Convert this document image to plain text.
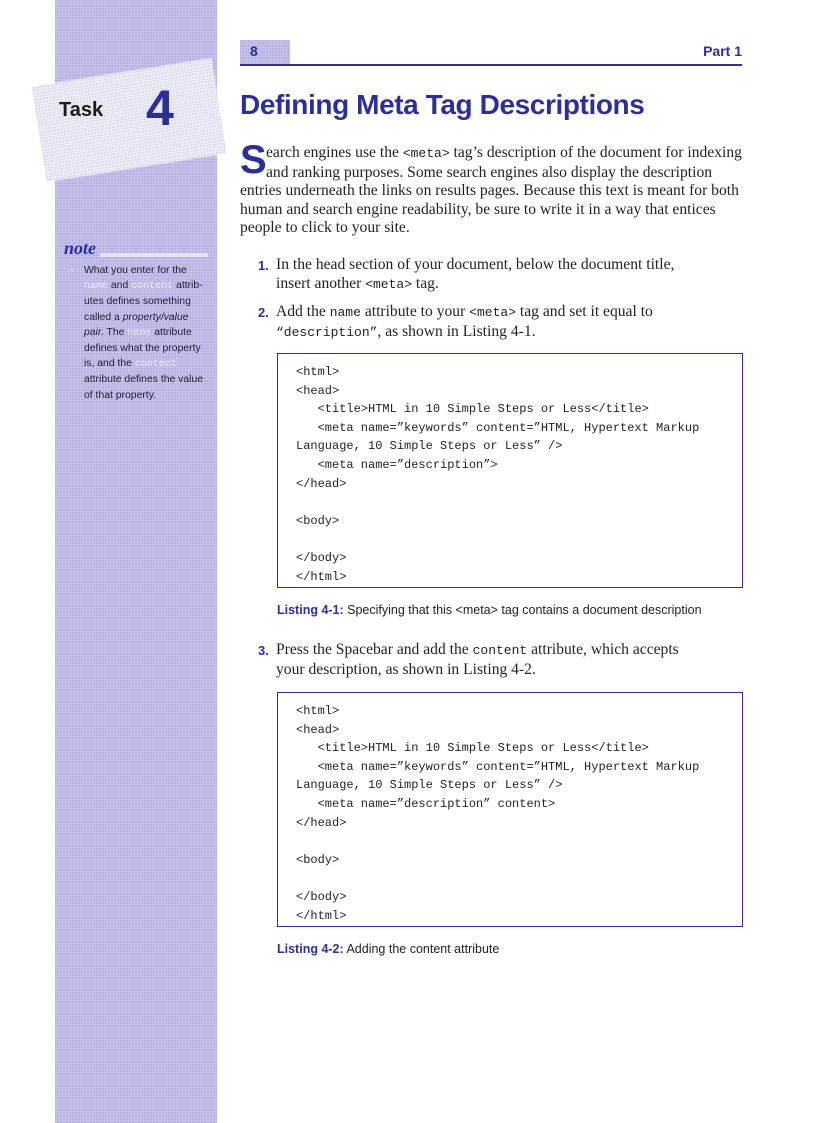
Task 4
note
• What you enter for the
name and content attrib-
utes defines something
called a property/value
pair. The name attribute
defines what the property
is, and the content
attribute defines the value
of that property.
8	Part 1
Defining Meta Tag Descriptions
S earch engines use the <meta> tag’s description of the document for indexing
and ranking purposes. Some search engines also display the description
entries underneath the links on results pages. Because this text is meant for both
human and search engine readability, be sure to write it in a way that entices
people to click to your site.
1. In the head section of your document, below the document title,
insert another <meta> tag.
2. Add the name attribute to your <meta> tag and set it equal to
“description”, as shown in Listing 4-1.
<html>
<head>
<title>HTML in 10 Simple Steps or Less</title>
<meta name=”keywords” content=”HTML, Hypertext Markup
Language, 10 Simple Steps or Less” />
<meta name=”description”>
</head>
<body>
</body>
</html>
Listing 4-1: Specifying that this <meta> tag contains a document description
3. Press the Spacebar and add the content attribute, which accepts
your description, as shown in Listing 4-2.
<html>
<head>
<title>HTML in 10 Simple Steps or Less</title>
<meta name=”keywords” content=”HTML, Hypertext Markup
Language, 10 Simple Steps or Less” />
<meta name=”description” content>
</head>
<body>
</body>
</html>
Listing 4-2: Adding the content attribute
